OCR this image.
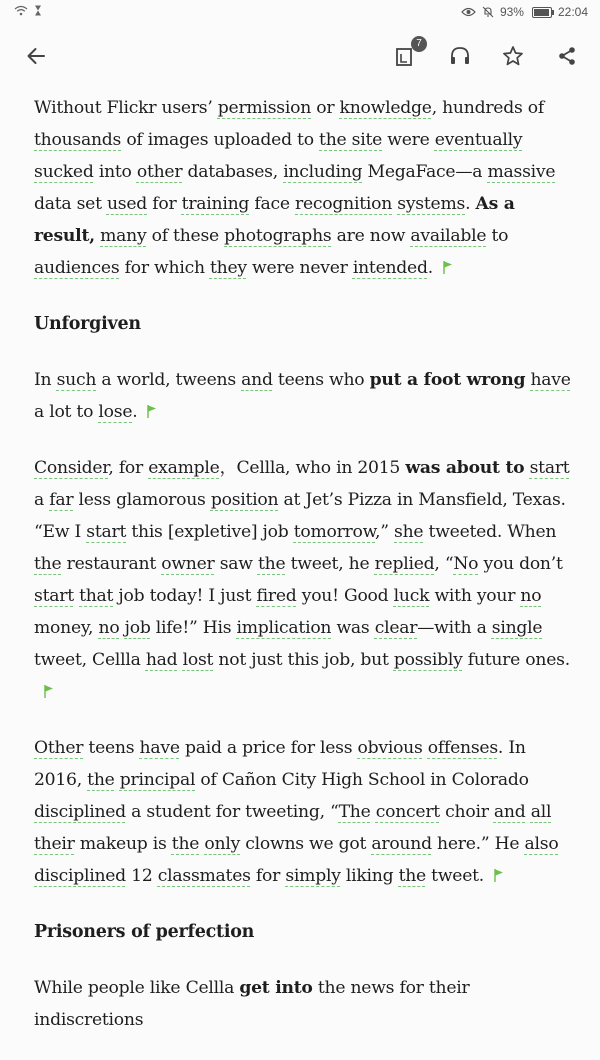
93%	22:04
7

Without Flickr users’ permission or knowledge, hundreds of thousands of images uploaded to the site were eventually sucked into other databases, including MegaFace—a massive data set used for training face recognition systems. As a result, many of these photographs are now available to audiences for which they were never intended.

Unforgiven

In such a world, tweens and teens who put a foot wrong have a lot to lose.

Consider, for example，Cellla, who in 2015 was about to start a far less glamorous position at Jet’s Pizza in Mansfield, Texas. “Ew I start this [expletive] job tomorrow,” she tweeted. When the restaurant owner saw the tweet, he replied, “No you don’t start that job today! I just fired you! Good luck with your no money, no job life!” His implication was clear—with a single tweet, Cellla had lost not just this job, but possibly future ones.

Other teens have paid a price for less obvious offenses. In 2016, the principal of Cañon City High School in Colorado disciplined a student for tweeting, “The concert choir and all their makeup is the only clowns we got around here.” He also disciplined 12 classmates for simply liking the tweet.

Prisoners of perfection

While people like Cellla get into the news for their indiscretions
